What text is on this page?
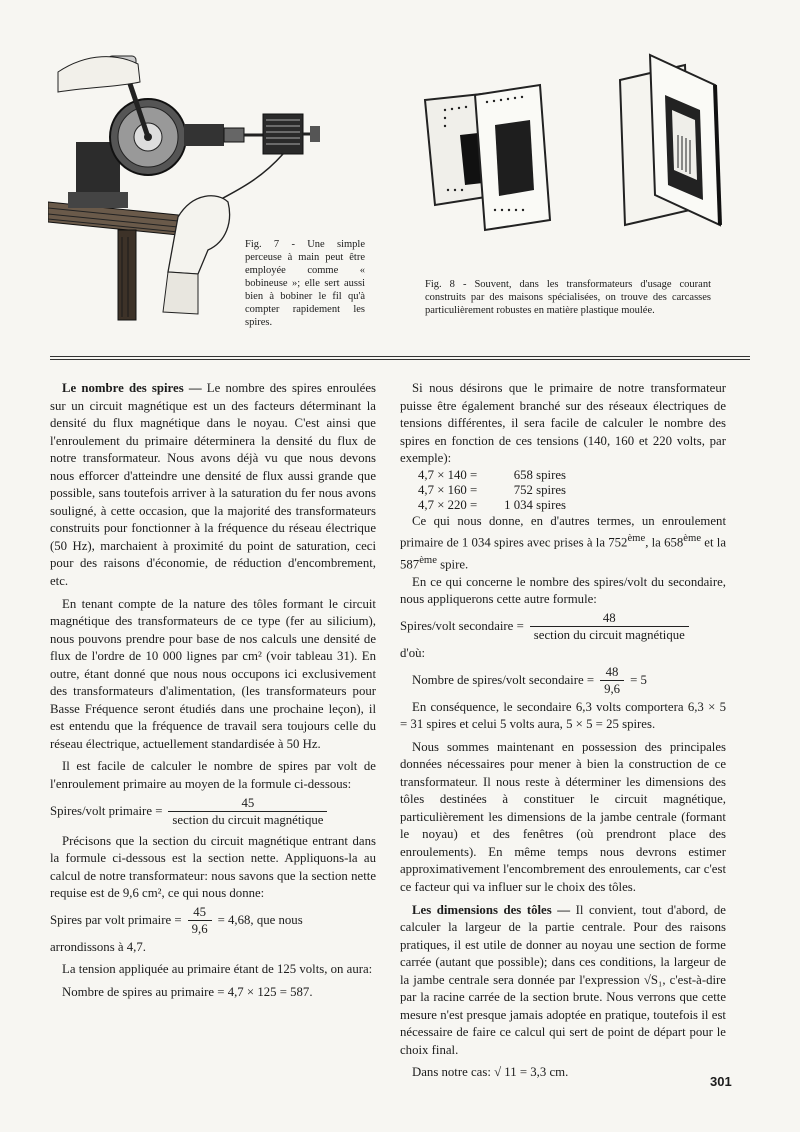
Fig. 7 - Une simple perceuse à main peut être employée comme « bobineuse »; elle sert aussi bien à bobiner le fil qu'à compter rapidement les spires.
Fig. 8 - Souvent, dans les transformateurs d'usage courant construits par des maisons spécialisées, on trouve des carcasses particulièrement robustes en matière plastique moulée.

Le nombre des spires — Le nombre des spires enroulées sur un circuit magnétique est un des facteurs déterminant la densité du flux magnétique dans le noyau. C'est ainsi que l'enroulement du primaire déterminera la densité du flux de notre transformateur. Nous avons déjà vu que nous devons nous efforcer d'atteindre une densité de flux aussi grande que possible, sans toutefois arriver à la saturation du fer nous avons souligné, à cette occasion, que la majorité des transformateurs construits pour fonctionner à la fréquence du réseau électrique (50 Hz), marchaient à proximité du point de saturation, ceci pour des raisons d'économie, de réduction d'encombrement, etc.

En tenant compte de la nature des tôles formant le circuit magnétique des transformateurs de ce type (fer au silicium), nous pouvons prendre pour base de nos calculs une densité de flux de l'ordre de 10 000 lignes par cm² (voir tableau 31). En outre, étant donné que nous nous occupons ici exclusivement des transformateurs d'alimentation, (les transformateurs pour Basse Fréquence seront étudiés dans une prochaine leçon), il est entendu que la fréquence de travail sera toujours celle du réseau électrique, actuellement standardisée à 50 Hz.

Il est facile de calculer le nombre de spires par volt de l'enroulement primaire au moyen de la formule ci-dessous:

Spires/volt primaire = $\frac{45}{\text{section du circuit magnétique}}$

Précisons que la section du circuit magnétique entrant dans la formule ci-dessous est la section nette. Appliquons-la au calcul de notre transformateur: nous savons que la section nette requise est de 9,6 cm², ce qui nous donne:

Spires par volt primaire = $\frac{45}{9,6} = 4,68$, que nous

arrondissons à 4,7.

La tension appliquée au primaire étant de 125 volts, on aura:

Nombre de spires au primaire = 4,7 × 125 = 587.

Si nous désirons que le primaire de notre transformateur puisse être également branché sur des réseaux électriques de tensions différentes, il sera facile de calculer le nombre des spires en fonction de ces tensions (140, 160 et 220 volts, par exemple):

4,7 × 140 =	658 spires
4,7 × 160 =	752 spires
4,7 × 220 = 1 034 spires

Ce qui nous donne, en d'autres termes, un enroulement primaire de 1 034 spires avec prises à la 752ème, la 658ème et la 587ème spire.

En ce qui concerne le nombre des spires/volt du secondaire, nous appliquerons cette autre formule:

Spires/volt secondaire = $\frac{48}{\text{section du circuit magnétique}}$

d'où:

Nombre de spires/volt secondaire = $\frac{48}{9,6} = 5$

En conséquence, le secondaire 6,3 volts comportera 6,3 × 5 = 31 spires et celui 5 volts aura, 5 × 5 = 25 spires.

Nous sommes maintenant en possession des principales données nécessaires pour mener à bien la construction de ce transformateur. Il nous reste à déterminer les dimensions des tôles destinées à constituer le circuit magnétique, particulièrement les dimensions de la jambe centrale (formant le noyau) et des fenêtres (où prendront place des enroulements). En même temps nous devrons estimer approximativement l'encombrement des enroulements, car c'est ce facteur qui va influer sur le choix des tôles.

Les dimensions des tôles — Il convient, tout d'abord, de calculer la largeur de la partie centrale. Pour des raisons pratiques, il est utile de donner au noyau une section de forme carrée (autant que possible); dans ces conditions, la largeur de la jambe centrale sera donnée par l'expression √S₁, c'est-à-dire par la racine carrée de la section brute. Nous verrons que cette mesure n'est presque jamais adoptée en pratique, toutefois il est nécessaire de faire ce calcul qui sert de point de départ pour le choix final.

Dans notre cas: √ 11 = 3,3 cm.

301
